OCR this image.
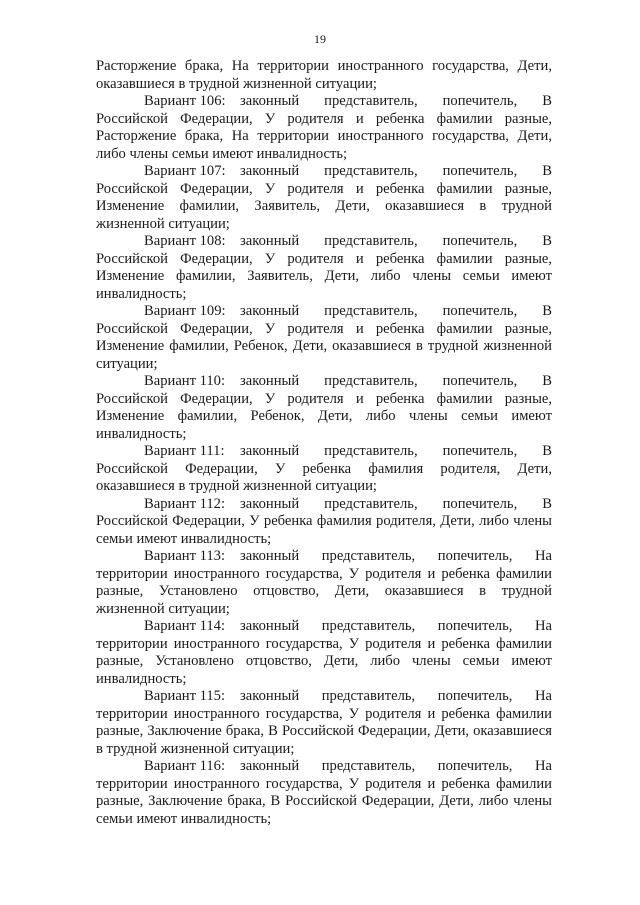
19

Расторжение брака, На территории иностранного государства, Дети, оказавшиеся в трудной жизненной ситуации;

Вариант 106: законный представитель, попечитель, В Российской Федерации, У родителя и ребенка фамилии разные, Расторжение брака, На территории иностранного государства, Дети, либо члены семьи имеют инвалидность;

Вариант 107: законный представитель, попечитель, В Российской Федерации, У родителя и ребенка фамилии разные, Изменение фамилии, Заявитель, Дети, оказавшиеся в трудной жизненной ситуации;

Вариант 108: законный представитель, попечитель, В Российской Федерации, У родителя и ребенка фамилии разные, Изменение фамилии, Заявитель, Дети, либо члены семьи имеют инвалидность;

Вариант 109: законный представитель, попечитель, В Российской Федерации, У родителя и ребенка фамилии разные, Изменение фамилии, Ребенок, Дети, оказавшиеся в трудной жизненной ситуации;

Вариант 110: законный представитель, попечитель, В Российской Федерации, У родителя и ребенка фамилии разные, Изменение фамилии, Ребенок, Дети, либо члены семьи имеют инвалидность;

Вариант 111: законный представитель, попечитель, В Российской Федерации, У ребенка фамилия родителя, Дети, оказавшиеся в трудной жизненной ситуации;

Вариант 112: законный представитель, попечитель, В Российской Федерации, У ребенка фамилия родителя, Дети, либо члены семьи имеют инвалидность;

Вариант 113: законный представитель, попечитель, На территории иностранного государства, У родителя и ребенка фамилии разные, Установлено отцовство, Дети, оказавшиеся в трудной жизненной ситуации;

Вариант 114: законный представитель, попечитель, На территории иностранного государства, У родителя и ребенка фамилии разные, Установлено отцовство, Дети, либо члены семьи имеют инвалидность;

Вариант 115: законный представитель, попечитель, На территории иностранного государства, У родителя и ребенка фамилии разные, Заключение брака, В Российской Федерации, Дети, оказавшиеся в трудной жизненной ситуации;

Вариант 116: законный представитель, попечитель, На территории иностранного государства, У родителя и ребенка фамилии разные, Заключение брака, В Российской Федерации, Дети, либо члены семьи имеют инвалидность;
